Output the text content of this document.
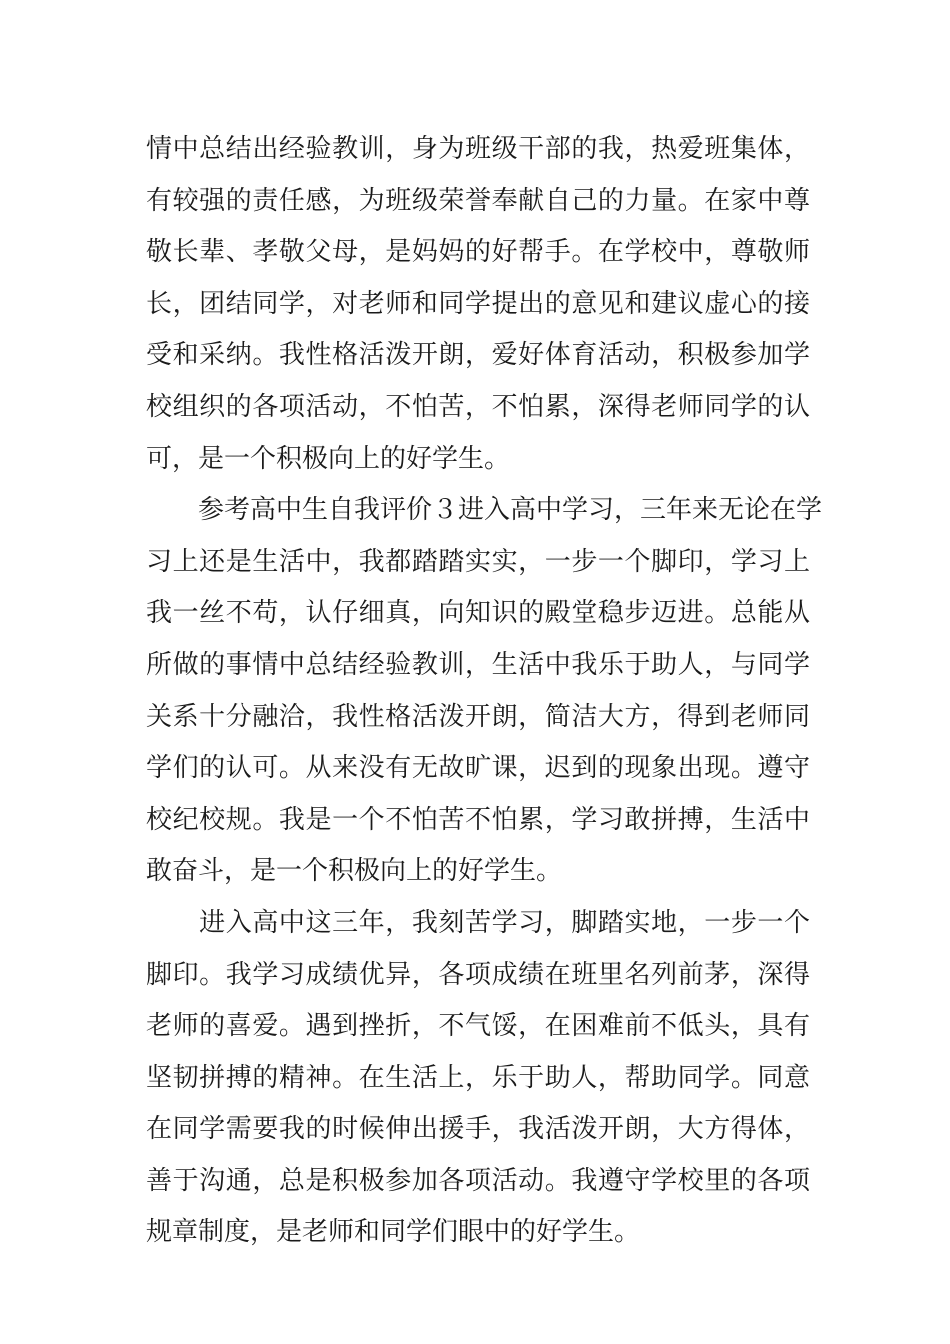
情中总结出经验教训，身为班级干部的我，热爱班集体，
有较强的责任感，为班级荣誉奉献自己的力量。在家中尊
敬长辈、孝敬父母，是妈妈的好帮手。在学校中，尊敬师
长，团结同学，对老师和同学提出的意见和建议虚心的接
受和采纳。我性格活泼开朗，爱好体育活动，积极参加学
校组织的各项活动，不怕苦，不怕累，深得老师同学的认
可，是一个积极向上的好学生。
　　参考高中生自我评价３进入高中学习，三年来无论在学
习上还是生活中，我都踏踏实实，一步一个脚印，学习上
我一丝不苟，认仔细真，向知识的殿堂稳步迈进。总能从
所做的事情中总结经验教训，生活中我乐于助人，与同学
关系十分融洽，我性格活泼开朗，简洁大方，得到老师同
学们的认可。从来没有无故旷课，迟到的现象出现。遵守
校纪校规。我是一个不怕苦不怕累，学习敢拼搏，生活中
敢奋斗，是一个积极向上的好学生。
　　进入高中这三年，我刻苦学习，脚踏实地，一步一个
脚印。我学习成绩优异，各项成绩在班里名列前茅，深得
老师的喜爱。遇到挫折，不气馁，在困难前不低头，具有
坚韧拼搏的精神。在生活上，乐于助人，帮助同学。同意
在同学需要我的时候伸出援手，我活泼开朗，大方得体，
善于沟通，总是积极参加各项活动。我遵守学校里的各项
规章制度，是老师和同学们眼中的好学生。
